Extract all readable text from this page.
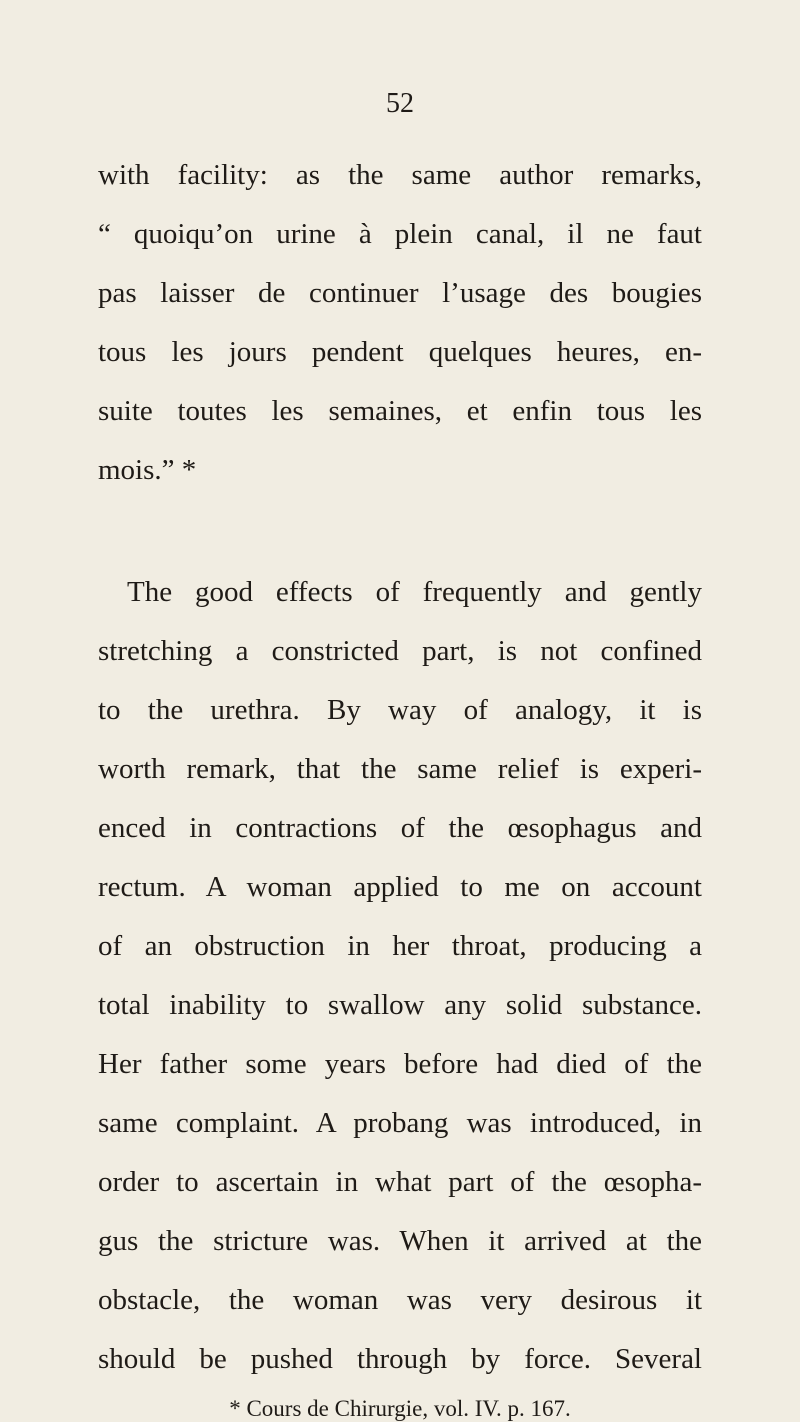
52
with facility: as the same author remarks,
“ quoiqu’on urine à plein canal, il ne faut
pas laisser de continuer l’usage des bougies
tous les jours pendent quelques heures, en-
suite toutes les semaines, et enfin tous les
mois.” *
The good effects of frequently and gently
stretching a constricted part, is not confined
to the urethra. By way of analogy, it is
worth remark, that the same relief is experi-
enced in contractions of the œsophagus and
rectum. A woman applied to me on account
of an obstruction in her throat, producing a
total inability to swallow any solid substance.
Her father some years before had died of the
same complaint. A probang was introduced, in
order to ascertain in what part of the œsopha-
gus the stricture was. When it arrived at the
obstacle, the woman was very desirous it
should be pushed through by force. Several
* Cours de Chirurgie, vol. IV. p. 167.
